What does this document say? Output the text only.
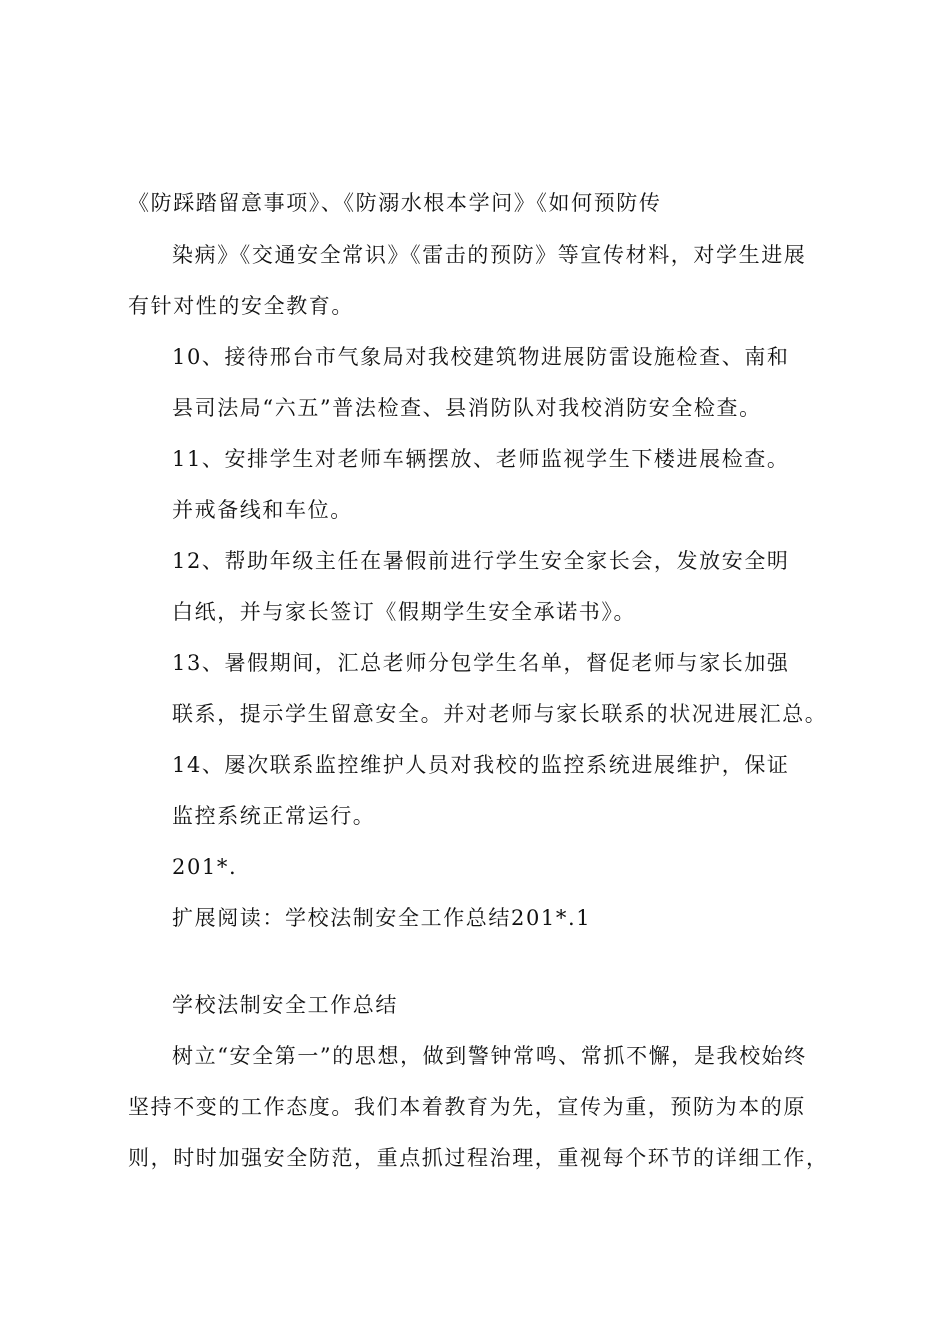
《防踩踏留意事项》、《防溺水根本学问》《如何预防传
染病》《交通安全常识》《雷击的预防》等宣传材料，对学生进展
有针对性的安全教育。
10、接待邢台市气象局对我校建筑物进展防雷设施检查、南和
县司法局“六五”普法检查、县消防队对我校消防安全检查。
11、安排学生对老师车辆摆放、老师监视学生下楼进展检查。
并戒备线和车位。
12、帮助年级主任在暑假前进行学生安全家长会，发放安全明
白纸，并与家长签订《假期学生安全承诺书》。
13、暑假期间，汇总老师分包学生名单，督促老师与家长加强
联系，提示学生留意安全。并对老师与家长联系的状况进展汇总。
14、屡次联系监控维护人员对我校的监控系统进展维护，保证
监控系统正常运行。
201*.
扩展阅读：学校法制安全工作总结201*.1
学校法制安全工作总结
树立“安全第一”的思想，做到警钟常鸣、常抓不懈，是我校始终
坚持不变的工作态度。我们本着教育为先，宣传为重，预防为本的原
则，时时加强安全防范，重点抓过程治理，重视每个环节的详细工作，
